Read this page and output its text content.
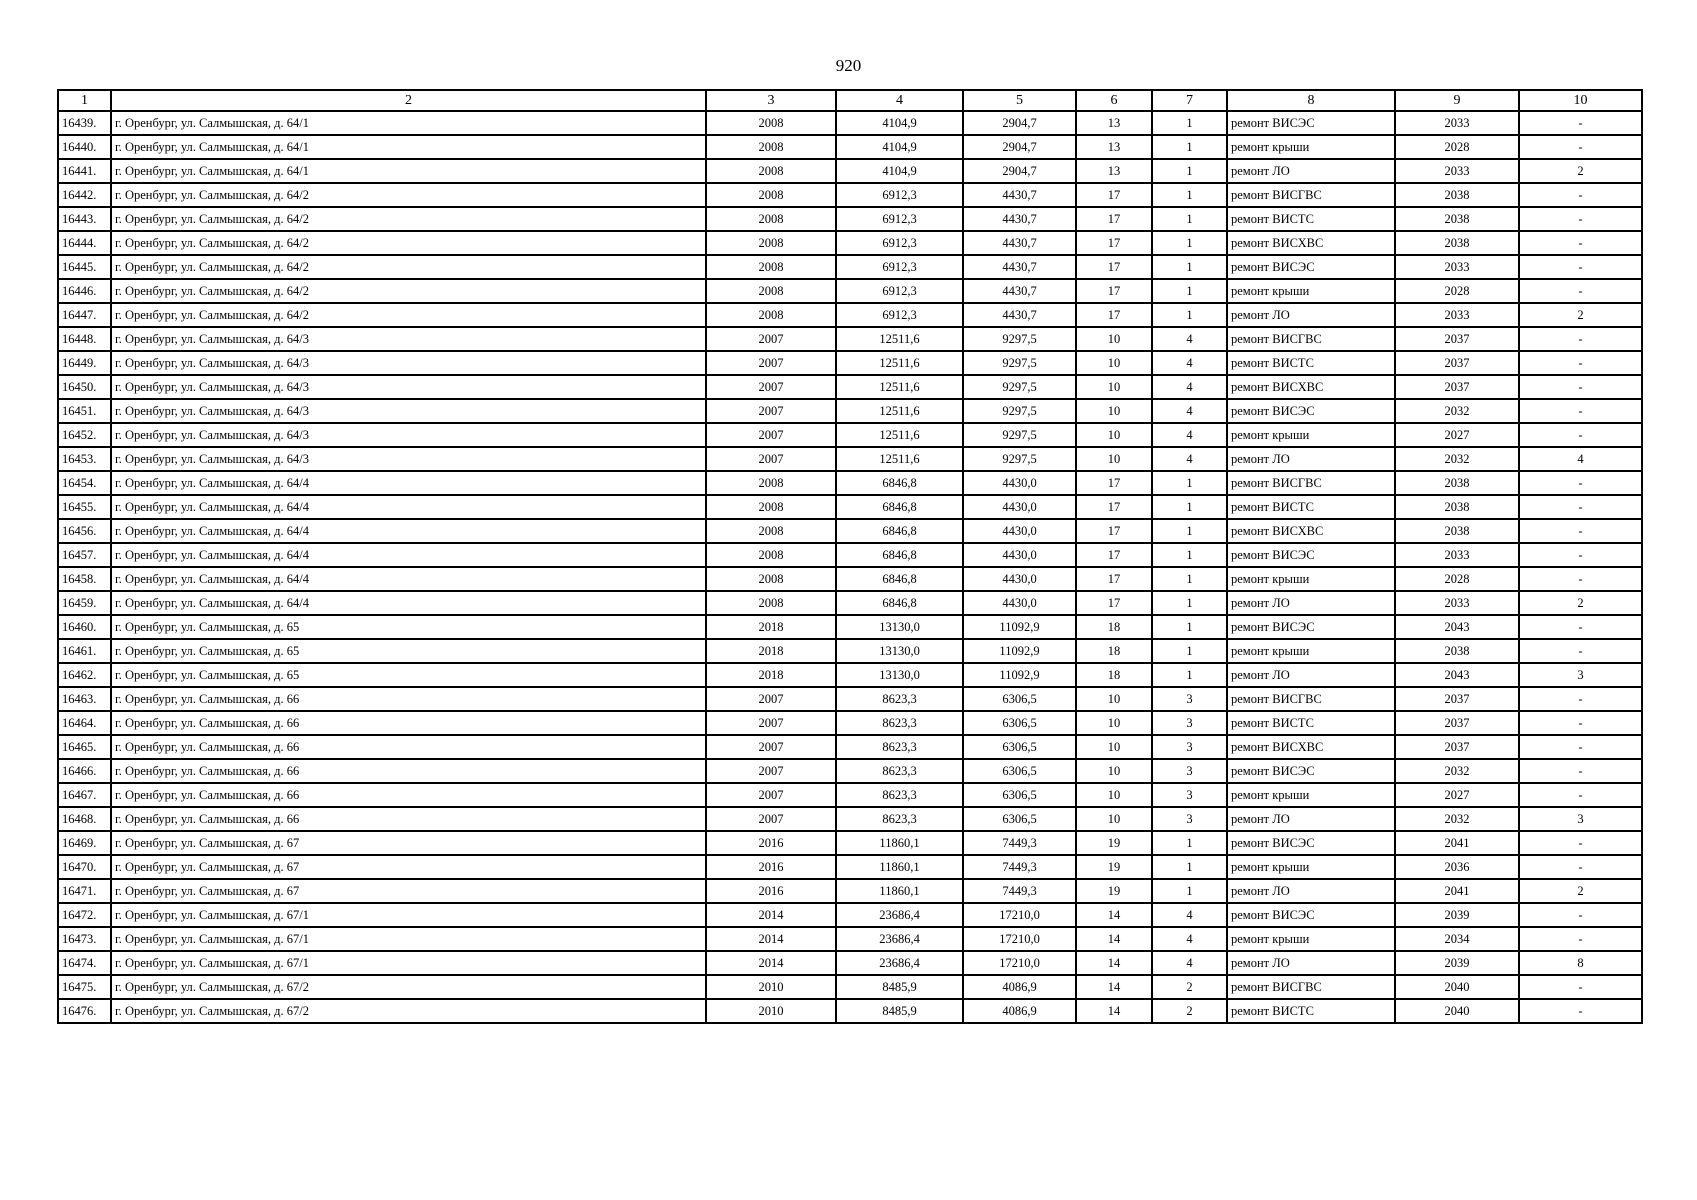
920
1	2	3	4	5	6	7	8	9	10
16439.	г. Оренбург, ул. Салмышская, д. 64/1	2008	4104,9	2904,7	13	1	ремонт ВИСЭС	2033	-
16440.	г. Оренбург, ул. Салмышская, д. 64/1	2008	4104,9	2904,7	13	1	ремонт крыши	2028	-
16441.	г. Оренбург, ул. Салмышская, д. 64/1	2008	4104,9	2904,7	13	1	ремонт ЛО	2033	2
16442.	г. Оренбург, ул. Салмышская, д. 64/2	2008	6912,3	4430,7	17	1	ремонт ВИСГВС	2038	-
16443.	г. Оренбург, ул. Салмышская, д. 64/2	2008	6912,3	4430,7	17	1	ремонт ВИСТС	2038	-
16444.	г. Оренбург, ул. Салмышская, д. 64/2	2008	6912,3	4430,7	17	1	ремонт ВИСХВС	2038	-
16445.	г. Оренбург, ул. Салмышская, д. 64/2	2008	6912,3	4430,7	17	1	ремонт ВИСЭС	2033	-
16446.	г. Оренбург, ул. Салмышская, д. 64/2	2008	6912,3	4430,7	17	1	ремонт крыши	2028	-
16447.	г. Оренбург, ул. Салмышская, д. 64/2	2008	6912,3	4430,7	17	1	ремонт ЛО	2033	2
16448.	г. Оренбург, ул. Салмышская, д. 64/3	2007	12511,6	9297,5	10	4	ремонт ВИСГВС	2037	-
16449.	г. Оренбург, ул. Салмышская, д. 64/3	2007	12511,6	9297,5	10	4	ремонт ВИСТС	2037	-
16450.	г. Оренбург, ул. Салмышская, д. 64/3	2007	12511,6	9297,5	10	4	ремонт ВИСХВС	2037	-
16451.	г. Оренбург, ул. Салмышская, д. 64/3	2007	12511,6	9297,5	10	4	ремонт ВИСЭС	2032	-
16452.	г. Оренбург, ул. Салмышская, д. 64/3	2007	12511,6	9297,5	10	4	ремонт крыши	2027	-
16453.	г. Оренбург, ул. Салмышская, д. 64/3	2007	12511,6	9297,5	10	4	ремонт ЛО	2032	4
16454.	г. Оренбург, ул. Салмышская, д. 64/4	2008	6846,8	4430,0	17	1	ремонт ВИСГВС	2038	-
16455.	г. Оренбург, ул. Салмышская, д. 64/4	2008	6846,8	4430,0	17	1	ремонт ВИСТС	2038	-
16456.	г. Оренбург, ул. Салмышская, д. 64/4	2008	6846,8	4430,0	17	1	ремонт ВИСХВС	2038	-
16457.	г. Оренбург, ул. Салмышская, д. 64/4	2008	6846,8	4430,0	17	1	ремонт ВИСЭС	2033	-
16458.	г. Оренбург, ул. Салмышская, д. 64/4	2008	6846,8	4430,0	17	1	ремонт крыши	2028	-
16459.	г. Оренбург, ул. Салмышская, д. 64/4	2008	6846,8	4430,0	17	1	ремонт ЛО	2033	2
16460.	г. Оренбург, ул. Салмышская, д. 65	2018	13130,0	11092,9	18	1	ремонт ВИСЭС	2043	-
16461.	г. Оренбург, ул. Салмышская, д. 65	2018	13130,0	11092,9	18	1	ремонт крыши	2038	-
16462.	г. Оренбург, ул. Салмышская, д. 65	2018	13130,0	11092,9	18	1	ремонт ЛО	2043	3
16463.	г. Оренбург, ул. Салмышская, д. 66	2007	8623,3	6306,5	10	3	ремонт ВИСГВС	2037	-
16464.	г. Оренбург, ул. Салмышская, д. 66	2007	8623,3	6306,5	10	3	ремонт ВИСТС	2037	-
16465.	г. Оренбург, ул. Салмышская, д. 66	2007	8623,3	6306,5	10	3	ремонт ВИСХВС	2037	-
16466.	г. Оренбург, ул. Салмышская, д. 66	2007	8623,3	6306,5	10	3	ремонт ВИСЭС	2032	-
16467.	г. Оренбург, ул. Салмышская, д. 66	2007	8623,3	6306,5	10	3	ремонт крыши	2027	-
16468.	г. Оренбург, ул. Салмышская, д. 66	2007	8623,3	6306,5	10	3	ремонт ЛО	2032	3
16469.	г. Оренбург, ул. Салмышская, д. 67	2016	11860,1	7449,3	19	1	ремонт ВИСЭС	2041	-
16470.	г. Оренбург, ул. Салмышская, д. 67	2016	11860,1	7449,3	19	1	ремонт крыши	2036	-
16471.	г. Оренбург, ул. Салмышская, д. 67	2016	11860,1	7449,3	19	1	ремонт ЛО	2041	2
16472.	г. Оренбург, ул. Салмышская, д. 67/1	2014	23686,4	17210,0	14	4	ремонт ВИСЭС	2039	-
16473.	г. Оренбург, ул. Салмышская, д. 67/1	2014	23686,4	17210,0	14	4	ремонт крыши	2034	-
16474.	г. Оренбург, ул. Салмышская, д. 67/1	2014	23686,4	17210,0	14	4	ремонт ЛО	2039	8
16475.	г. Оренбург, ул. Салмышская, д. 67/2	2010	8485,9	4086,9	14	2	ремонт ВИСГВС	2040	-
16476.	г. Оренбург, ул. Салмышская, д. 67/2	2010	8485,9	4086,9	14	2	ремонт ВИСТС	2040	-
